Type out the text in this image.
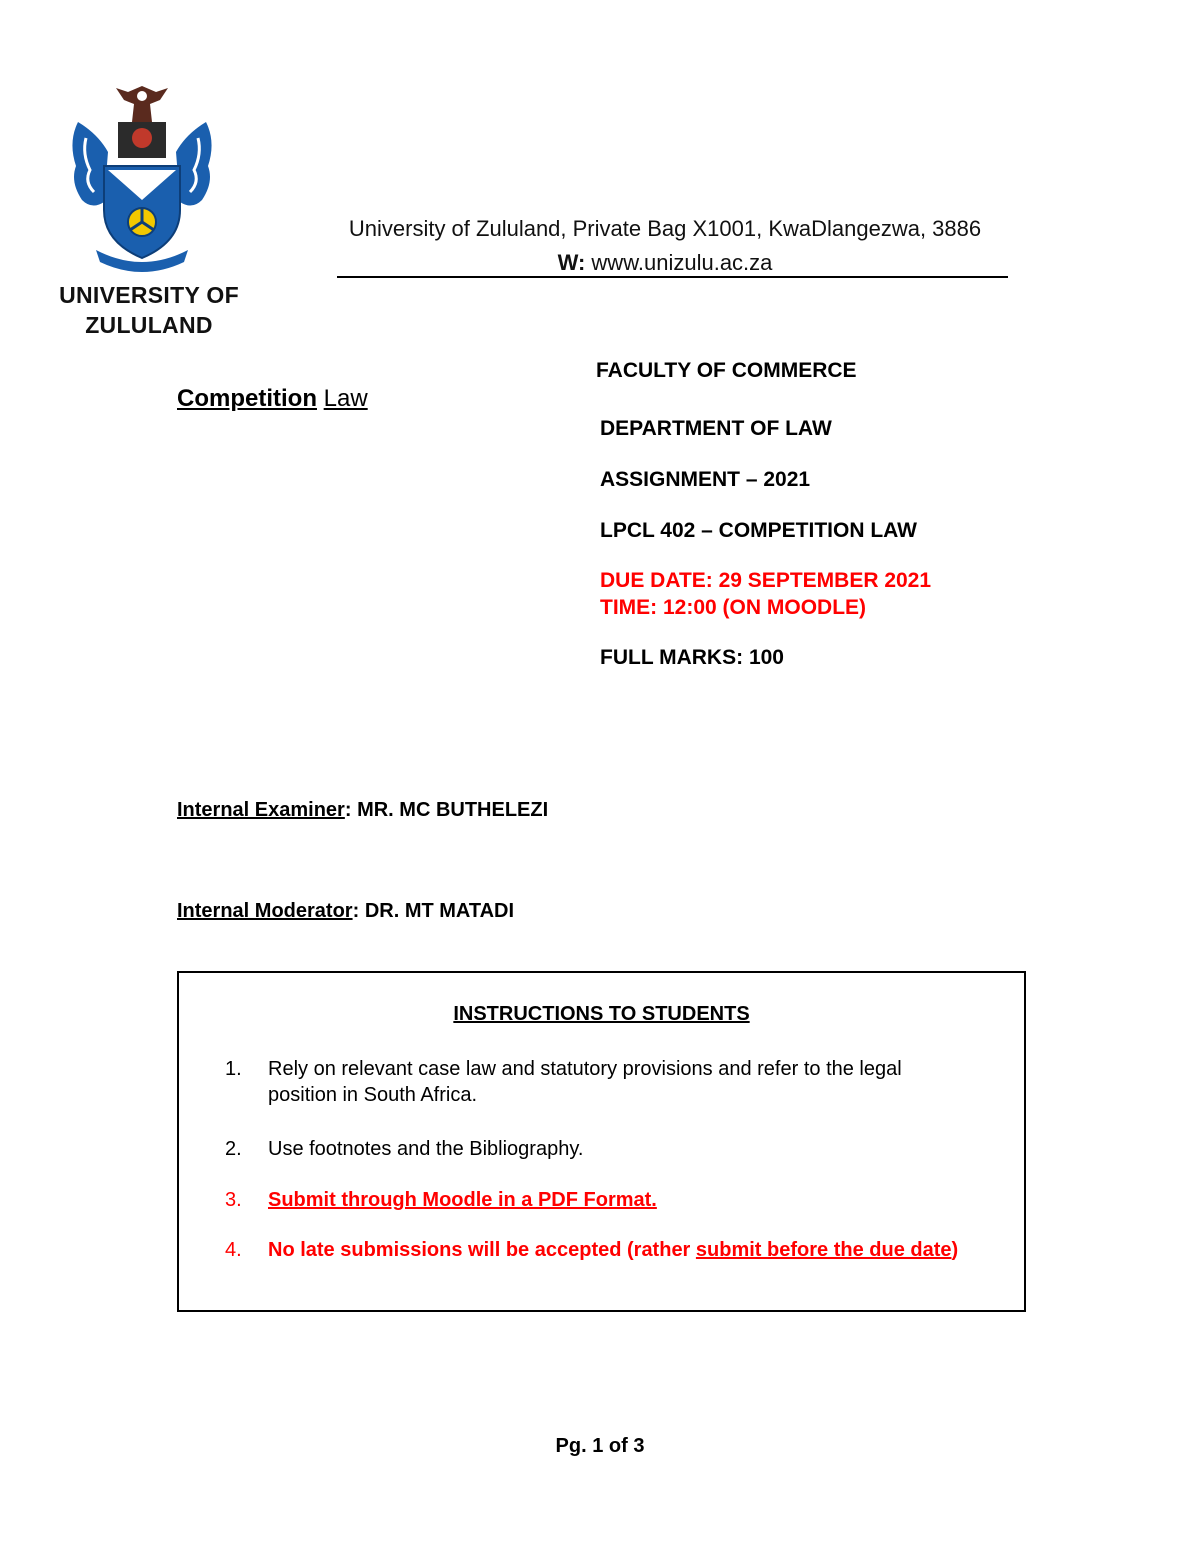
UNIVERSITY OF
ZULULAND
University of Zululand, Private Bag X1001, KwaDlangezwa, 3886
W: www.unizulu.ac.za
Competition Law
FACULTY OF COMMERCE
DEPARTMENT OF LAW
ASSIGNMENT – 2021
LPCL 402 – COMPETITION LAW
DUE DATE: 29 SEPTEMBER 2021
TIME: 12:00 (ON MOODLE)
FULL MARKS: 100
Internal Examiner: MR. MC BUTHELEZI
Internal Moderator: DR. MT MATADI
INSTRUCTIONS TO STUDENTS
1. Rely on relevant case law and statutory provisions and refer to the legal
position in South Africa.
2. Use footnotes and the Bibliography.
3. Submit through Moodle in a PDF Format.
4. No late submissions will be accepted (rather submit before the due date)
Pg. 1 of 3
